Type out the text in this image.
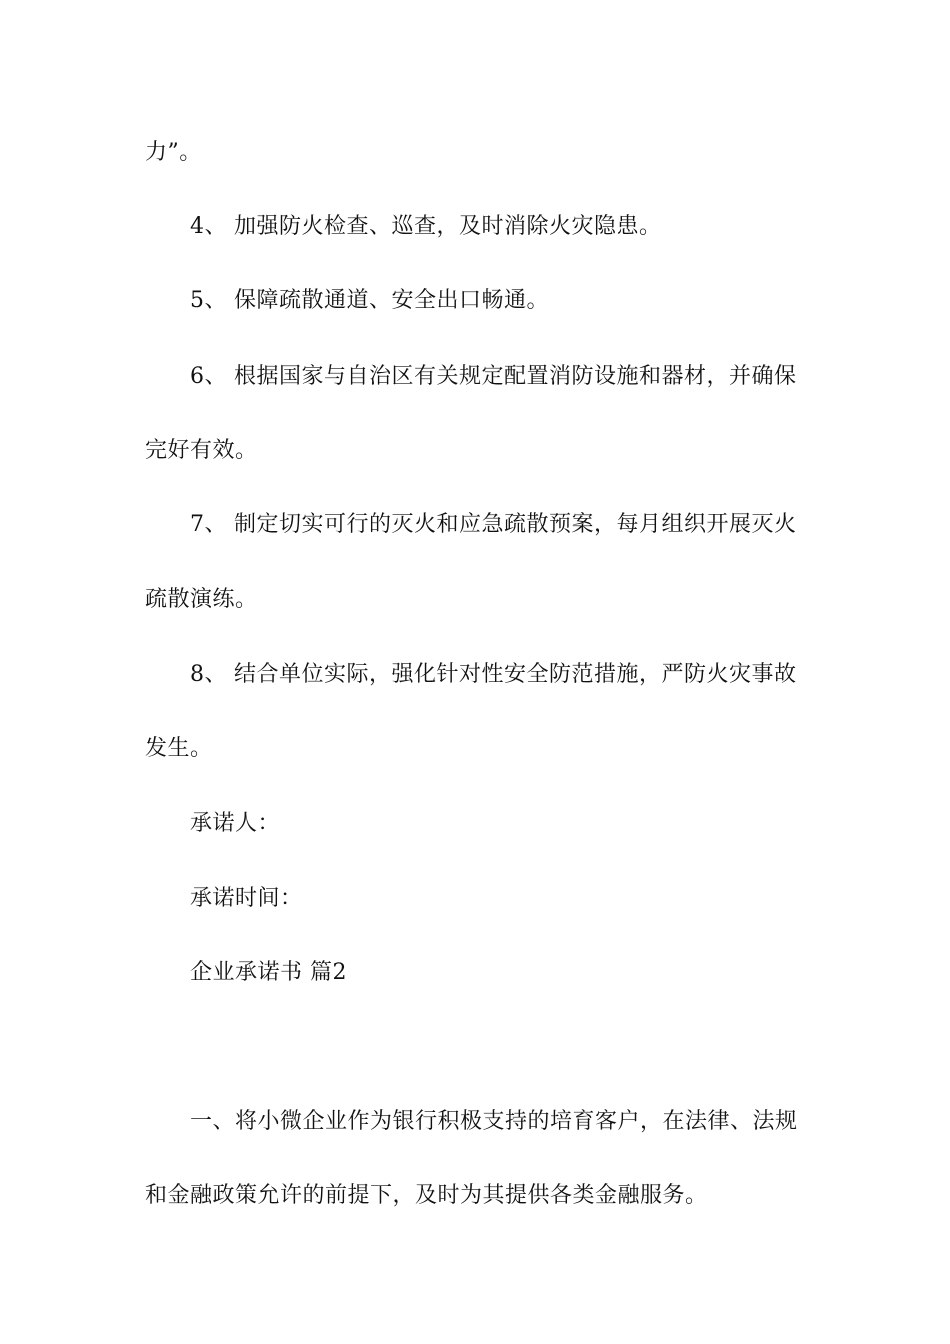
力”。
4、 加强防火检查、巡查，及时消除火灾隐患。
5、 保障疏散通道、安全出口畅通。
6、 根据国家与自治区有关规定配置消防设施和器材，并确保
完好有效。
7、 制定切实可行的灭火和应急疏散预案，每月组织开展灭火
疏散演练。
8、 结合单位实际，强化针对性安全防范措施，严防火灾事故
发生。
承诺人：
承诺时间：
企业承诺书 篇2
一、将小微企业作为银行积极支持的培育客户，在法律、法规
和金融政策允许的前提下，及时为其提供各类金融服务。
